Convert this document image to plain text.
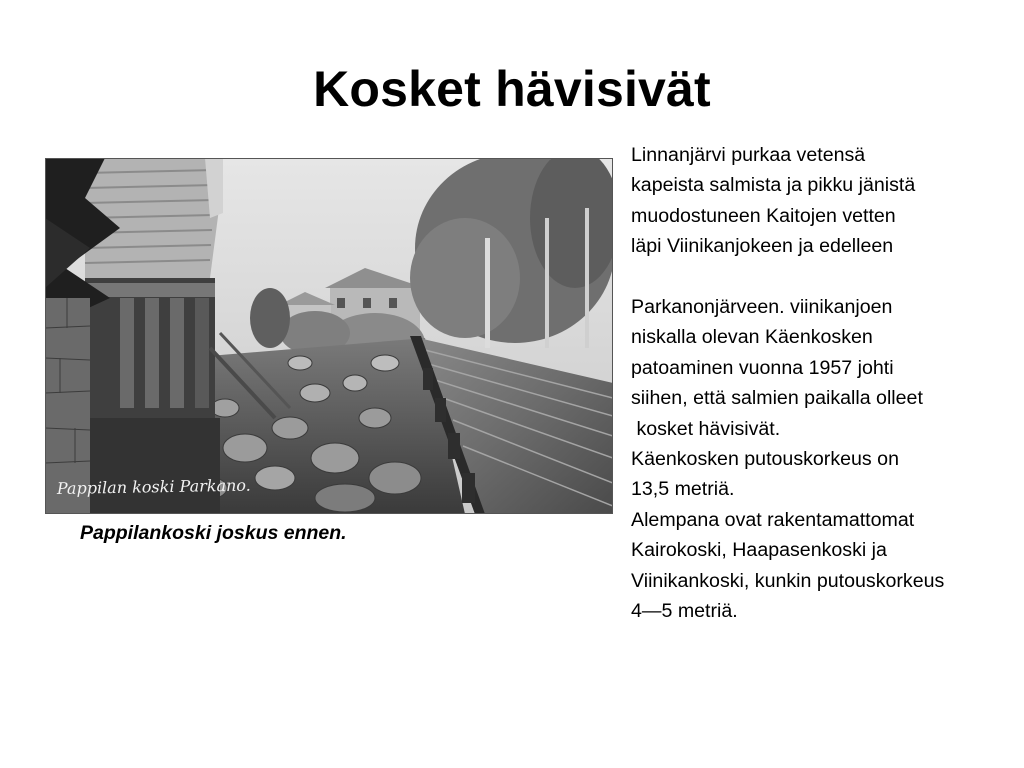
Kosket hävisivät
Pappilan koski Parkano.
Pappilankoski joskus ennen.
Linnanjärvi purkaa vetensä
kapeista salmista ja pikku jänistä
muodostuneen Kaitojen vetten
läpi Viinikanjokeen ja edelleen
Parkanonjärveen. viinikanjoen
niskalla olevan Käenkosken
patoaminen vuonna 1957 johti
siihen, että salmien paikalla olleet
kosket hävisivät.
Käenkosken putouskorkeus on
13,5 metriä.
Alempana ovat rakentamattomat
Kairokoski, Haapasenkoski ja
Viinikankoski, kunkin putouskorkeus
4—5 metriä.
